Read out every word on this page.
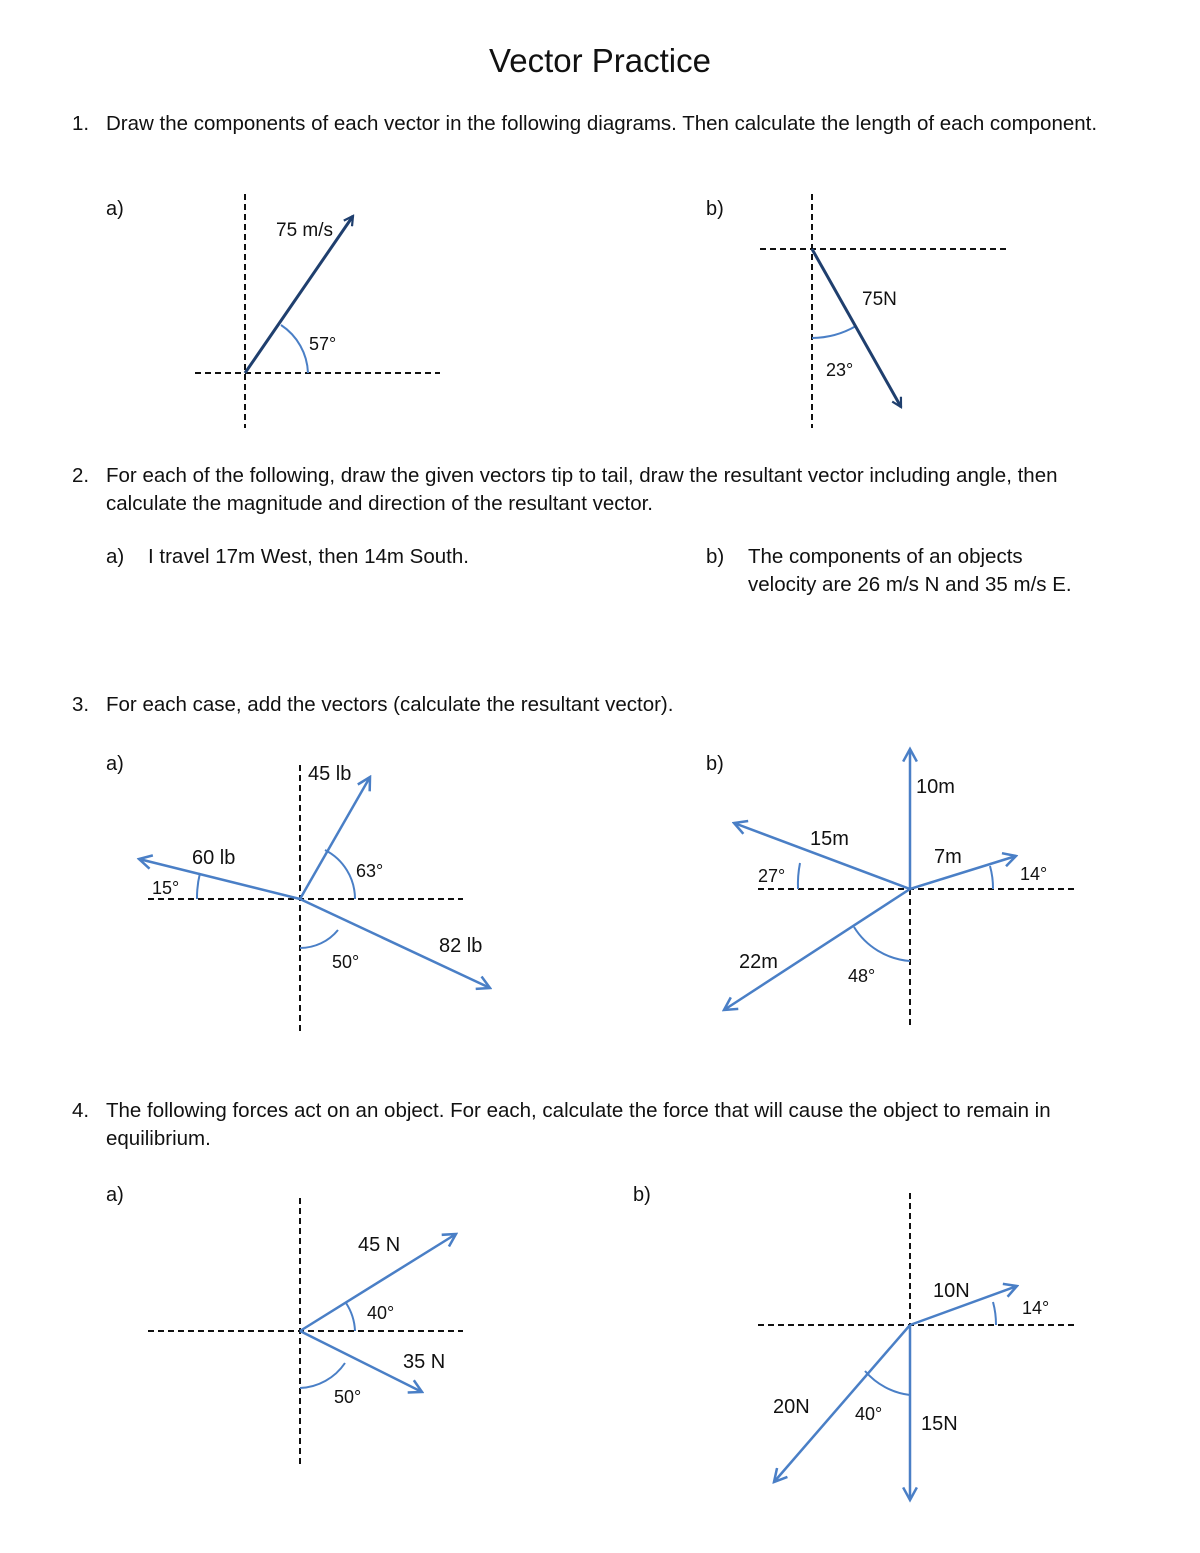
Vector Practice
1. Draw the components of each vector in the following diagrams. Then calculate the length of each component.
2. For each of the following, draw the given vectors tip to tail, draw the resultant vector including angle, then calculate the magnitude and direction of the resultant vector.
a) I travel 17m West, then 14m South.	b) The components of an objects
velocity are 26 m/s N and 35 m/s E.
3. For each case, add the vectors (calculate the resultant vector).
4. The following forces act on an object. For each, calculate the force that will cause the object to remain in equilibrium.
a)
75 m/s
57°
b)
75N
23°
a)	45 lb
63°
60 lb
15°
82 lb
50°
b)
10m
15m
27°
7m
14°
22m
48°
a)
45 N
40°
35 N
50°
b)
10N
14°
20N	40° 15N
